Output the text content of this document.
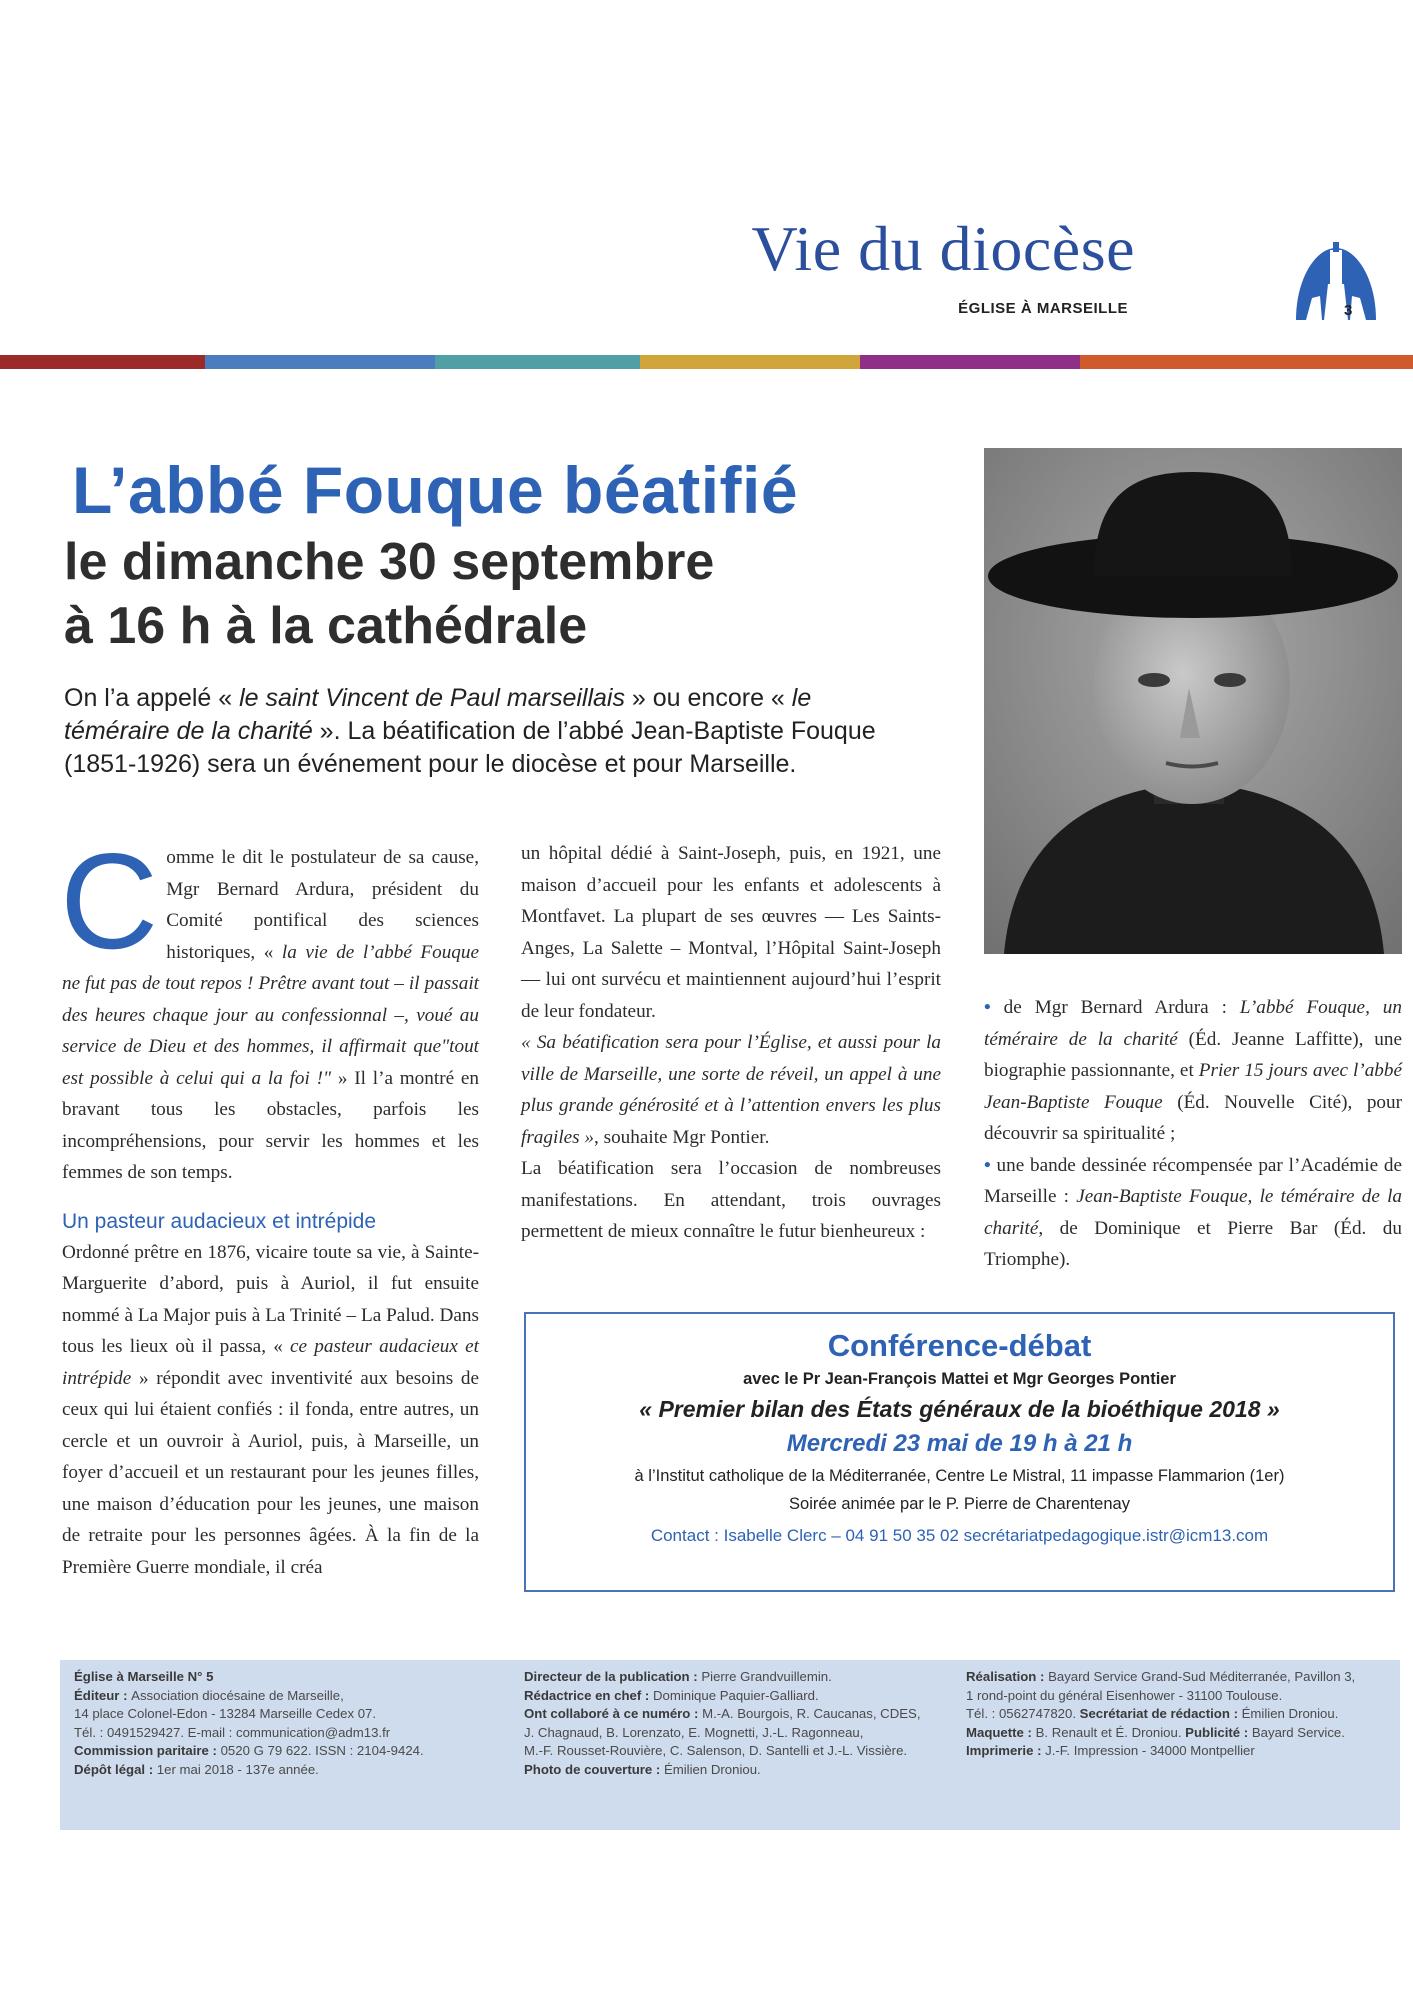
Vie du diocèse
ÉGLISE À MARSEILLE	3
L’abbé Fouque béatifié
le dimanche 30 septembre
à 16 h à la cathédrale
On l’a appelé « le saint Vincent de Paul marseillais » ou encore « le téméraire de la charité ». La béatification de l’abbé Jean-Baptiste Fouque (1851-1926) sera un événement pour le diocèse et pour Marseille.

Comme le dit le postulateur de sa cause, Mgr Bernard Ardura, président du Comité pontifical des sciences historiques, « la vie de l’abbé Fouque ne fut pas de tout repos ! Prêtre avant tout – il passait des heures chaque jour au confessionnal –, voué au service de Dieu et des hommes, il affirmait que"tout est possible à celui qui a la foi !" » Il l’a montré en bravant tous les obstacles, parfois les incompréhensions, pour servir les hommes et les femmes de son temps.

Un pasteur audacieux et intrépide

Ordonné prêtre en 1876, vicaire toute sa vie, à Sainte-Marguerite d’abord, puis à Auriol, il fut ensuite nommé à La Major puis à La Trinité – La Palud. Dans tous les lieux où il passa, « ce pasteur audacieux et intrépide » répondit avec inventivité aux besoins de ceux qui lui étaient confiés : il fonda, entre autres, un cercle et un ouvroir à Auriol, puis, à Marseille, un foyer d’accueil et un restaurant pour les jeunes filles, une maison d’éducation pour les jeunes, une maison de retraite pour les personnes âgées. À la fin de la Première Guerre mondiale, il créa

un hôpital dédié à Saint-Joseph, puis, en 1921, une maison d’accueil pour les enfants et adolescents à Montfavet. La plupart de ses œuvres — Les Saints-Anges, La Salette – Montval, l’Hôpital Saint-Joseph — lui ont survécu et maintiennent aujourd’hui l’esprit de leur fondateur.

« Sa béatification sera pour l’Église, et aussi pour la ville de Marseille, une sorte de réveil, un appel à une plus grande générosité et à l’attention envers les plus fragiles », souhaite Mgr Pontier.

La béatification sera l’occasion de nombreuses manifestations. En attendant, trois ouvrages permettent de mieux connaître le futur bienheureux :

• de Mgr Bernard Ardura : L’abbé Fouque, un téméraire de la charité (Éd. Jeanne Laffitte), une biographie passionnante, et Prier 15 jours avec l’abbé Jean-Baptiste Fouque (Éd. Nouvelle Cité), pour découvrir sa spiritualité ;

• une bande dessinée récompensée par l’Académie de Marseille : Jean-Baptiste Fouque, le téméraire de la charité, de Dominique et Pierre Bar (Éd. du Triomphe).

Conférence-débat
avec le Pr Jean-François Mattei et Mgr Georges Pontier
« Premier bilan des États généraux de la bioéthique 2018 »
Mercredi 23 mai de 19 h à 21 h
à l’Institut catholique de la Méditerranée, Centre Le Mistral, 11 impasse Flammarion (1er)
Soirée animée par le P. Pierre de Charentenay
Contact : Isabelle Clerc – 04 91 50 35 02 secrétariatpedagogique.istr@icm13.com
Église à Marseille N° 5
Éditeur : Association diocésaine de Marseille,
14 place Colonel-Edon - 13284 Marseille Cedex 07.
Tél. : 0491529427. E-mail : communication@adm13.fr
Commission paritaire : 0520 G 79 622. ISSN : 2104-9424.
Dépôt légal : 1er mai 2018 - 137e année.
Directeur de la publication : Pierre Grandvuillemin.
Rédactrice en chef : Dominique Paquier-Galliard.
Ont collaboré à ce numéro : M.-A. Bourgois, R. Caucanas, CDES,
J. Chagnaud, B. Lorenzato, E. Mognetti, J.-L. Ragonneau,
M.-F. Rousset-Rouvière, C. Salenson, D. Santelli et J.-L. Vissière.
Photo de couverture : Émilien Droniou.
Réalisation : Bayard Service Grand-Sud Méditerranée, Pavillon 3,
1 rond-point du général Eisenhower - 31100 Toulouse.
Tél. : 0562747820. Secrétariat de rédaction : Émilien Droniou.
Maquette : B. Renault et É. Droniou. Publicité : Bayard Service.
Imprimerie : J.-F. Impression - 34000 Montpellier
